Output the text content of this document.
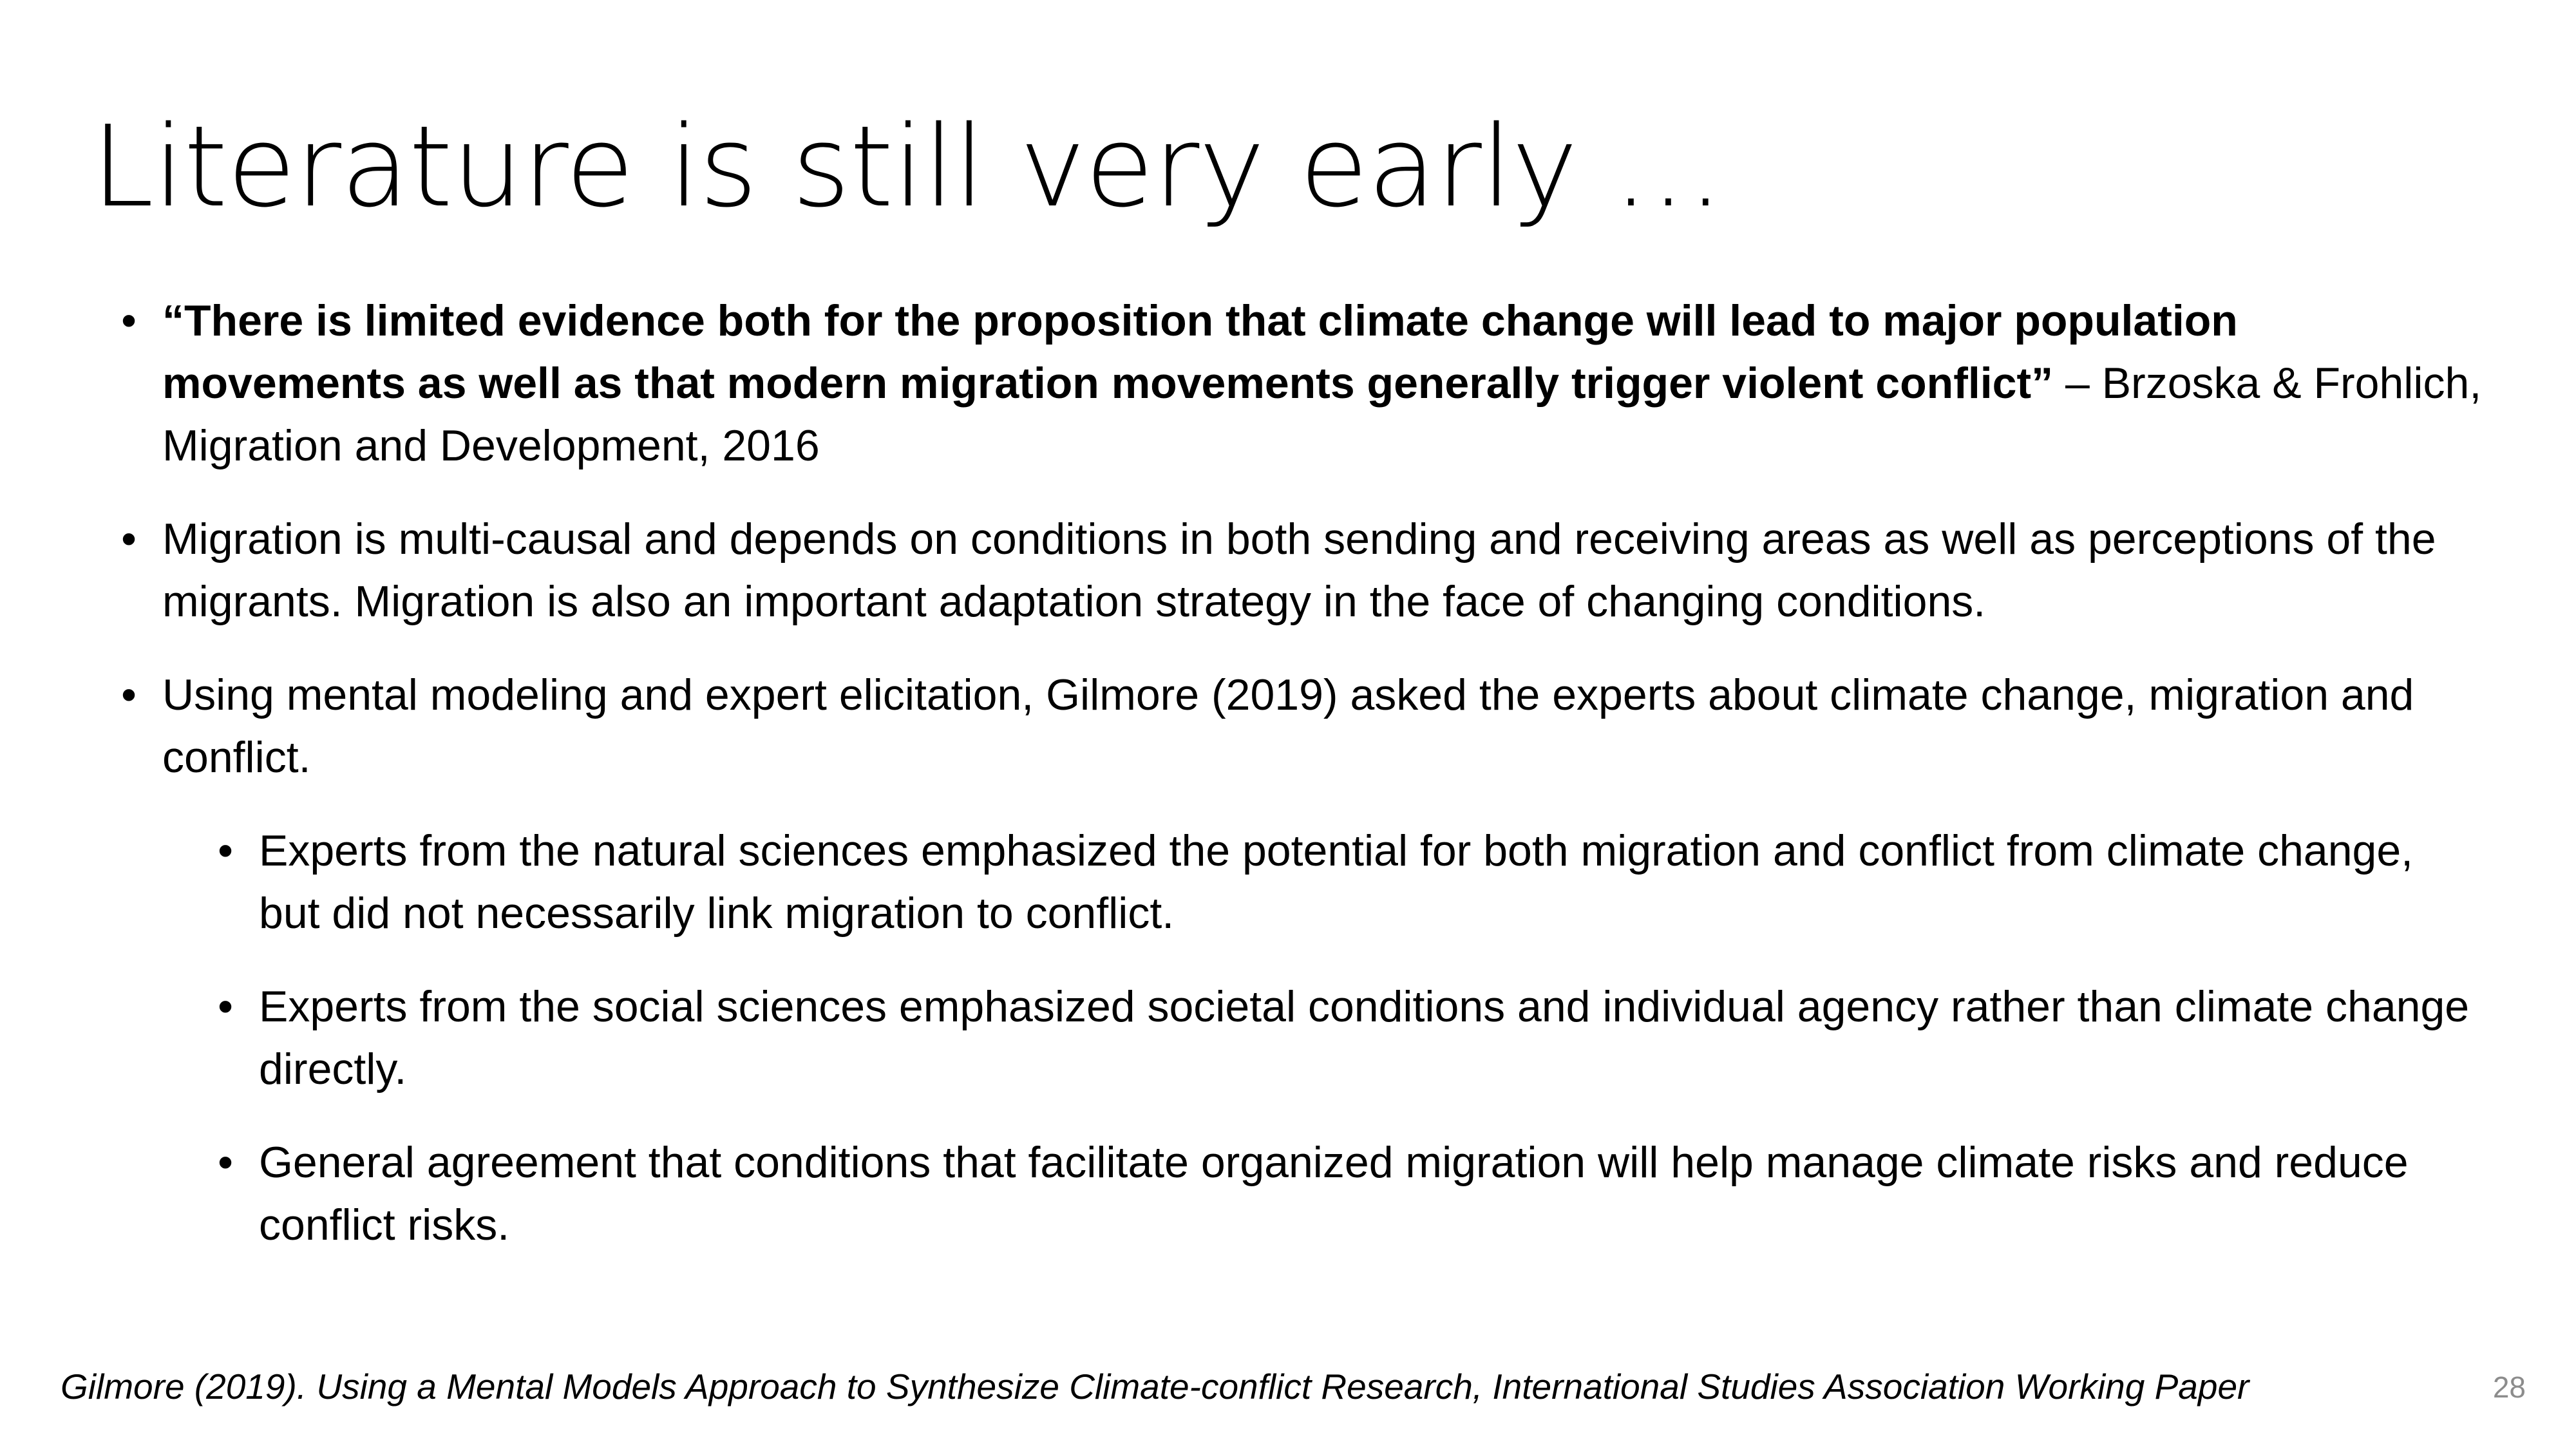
Literature is still very early …
• “There is limited evidence both for the proposition that climate change will lead to major population movements as well as that modern migration movements generally trigger violent conflict” – Brzoska & Frohlich, Migration and Development, 2016
• Migration is multi-causal and depends on conditions in both sending and receiving areas as well as perceptions of the migrants. Migration is also an important adaptation strategy in the face of changing conditions.
• Using mental modeling and expert elicitation, Gilmore (2019) asked the experts about climate change, migration and conflict.
• Experts from the natural sciences emphasized the potential for both migration and conflict from climate change, but did not necessarily link migration to conflict.
• Experts from the social sciences emphasized societal conditions and individual agency rather than climate change directly.
• General agreement that conditions that facilitate organized migration will help manage climate risks and reduce conflict risks.
Gilmore (2019). Using a Mental Models Approach to Synthesize Climate-conflict Research, International Studies Association Working Paper	28
